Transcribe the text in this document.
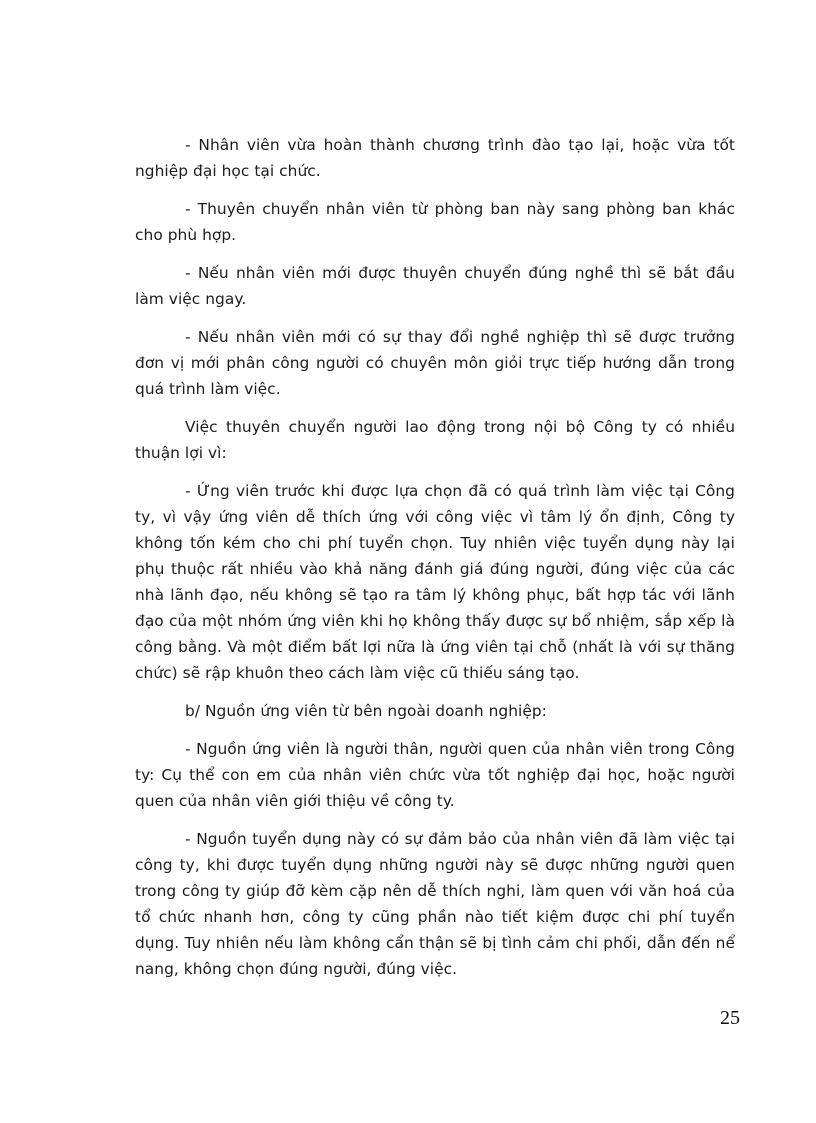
- Nhân viên vừa hoàn thành chương trình đào tạo lại, hoặc vừa tốt nghiệp đại học tại chức.

- Thuyên chuyển nhân viên từ phòng ban này sang phòng ban khác cho phù hợp.

- Nếu nhân viên mới được thuyên chuyển đúng nghề thì sẽ bắt đầu làm việc ngay.

- Nếu nhân viên mới có sự thay đổi nghề nghiệp thì sẽ được trưởng đơn vị mới phân công người có chuyên môn giỏi trực tiếp hướng dẫn trong quá trình làm việc.

Việc thuyên chuyển người lao động trong nội bộ Công ty có nhiều thuận lợi vì:

- Ứng viên trước khi được lựa chọn đã có quá trình làm việc tại Công ty, vì vậy ứng viên dễ thích ứng với công việc vì tâm lý ổn định, Công ty không tốn kém cho chi phí tuyển chọn. Tuy nhiên việc tuyển dụng này lại phụ thuộc rất nhiều vào khả năng đánh giá đúng người, đúng việc của các nhà lãnh đạo, nếu không sẽ tạo ra tâm lý không phục, bất hợp tác với lãnh đạo của một nhóm ứng viên khi họ không thấy được sự bổ nhiệm, sắp xếp là công bằng. Và một điểm bất lợi nữa là ứng viên tại chỗ (nhất là với sự thăng chức) sẽ rập khuôn theo cách làm việc cũ thiếu sáng tạo.

b/ Nguồn ứng viên từ bên ngoài doanh nghiệp:

- Nguồn ứng viên là người thân, người quen của nhân viên trong Công ty: Cụ thể con em của nhân viên chức vừa tốt nghiệp đại học, hoặc người quen của nhân viên giới thiệu về công ty.

- Nguồn tuyển dụng này có sự đảm bảo của nhân viên đã làm việc tại công ty, khi được tuyển dụng những người này sẽ được những người quen trong công ty giúp đỡ kèm cặp nên dễ thích nghi, làm quen với văn hoá của tổ chức nhanh hơn, công ty cũng phần nào tiết kiệm được chi phí tuyển dụng. Tuy nhiên nếu làm không cẩn thận sẽ bị tình cảm chi phối, dẫn đến nể nang, không chọn đúng người, đúng việc.

25
